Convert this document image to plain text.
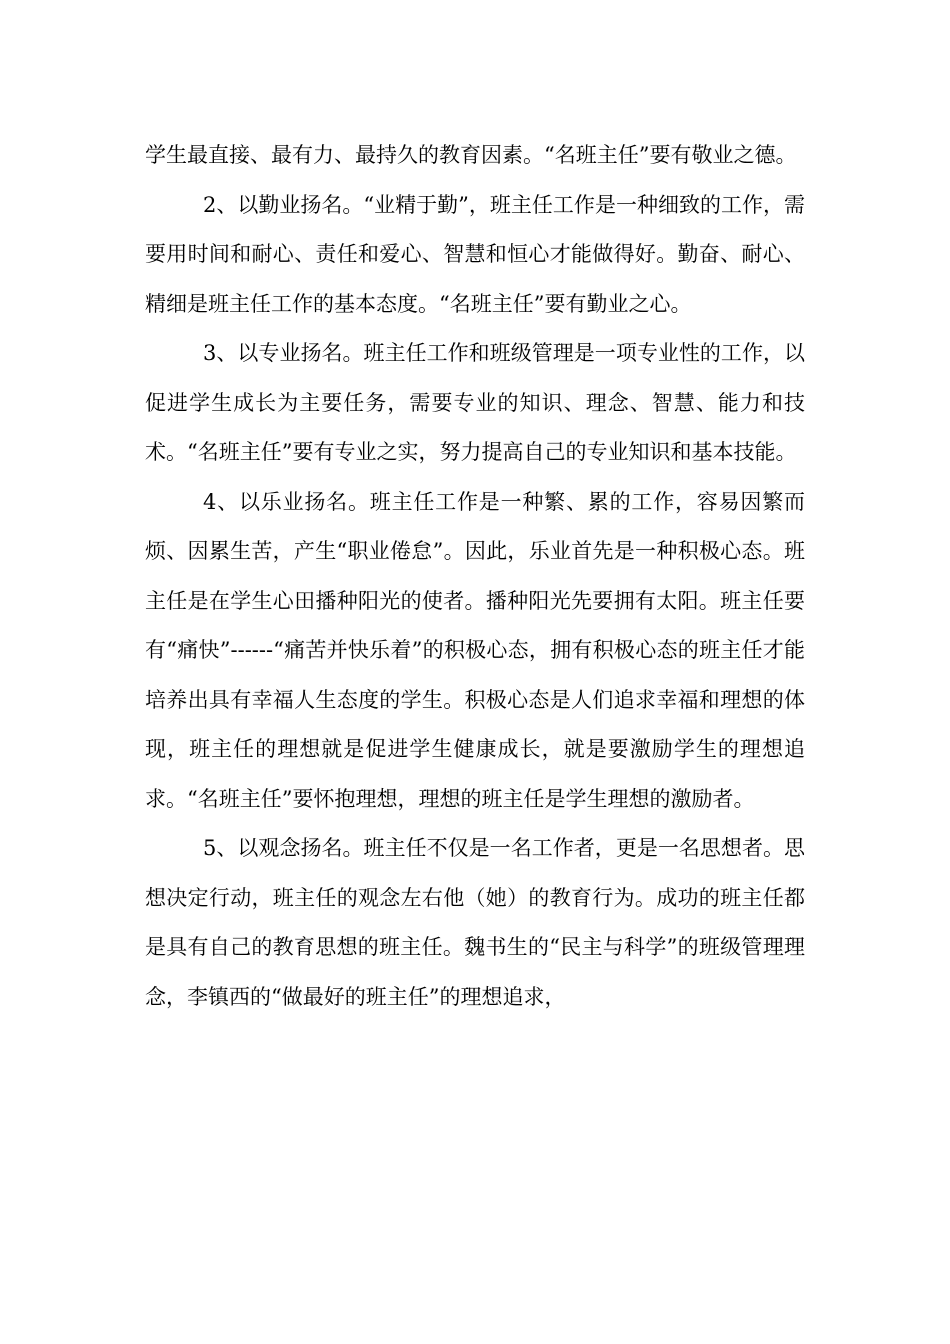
学生最直接、最有力、最持久的教育因素。“名班主任”要有敬业之德。

2、以勤业扬名。“业精于勤”，班主任工作是一种细致的工作，需要用时间和耐心、责任和爱心、智慧和恒心才能做得好。勤奋、耐心、精细是班主任工作的基本态度。“名班主任”要有勤业之心。

3、以专业扬名。班主任工作和班级管理是一项专业性的工作，以促进学生成长为主要任务，需要专业的知识、理念、智慧、能力和技术。“名班主任”要有专业之实，努力提高自己的专业知识和基本技能。

4、以乐业扬名。班主任工作是一种繁、累的工作，容易因繁而烦、因累生苦，产生“职业倦怠”。因此，乐业首先是一种积极心态。班主任是在学生心田播种阳光的使者。播种阳光先要拥有太阳。班主任要有“痛快”------“痛苦并快乐着”的积极心态，拥有积极心态的班主任才能培养出具有幸福人生态度的学生。积极心态是人们追求幸福和理想的体现，班主任的理想就是促进学生健康成长，就是要激励学生的理想追求。“名班主任”要怀抱理想，理想的班主任是学生理想的激励者。

5、以观念扬名。班主任不仅是一名工作者，更是一名思想者。思想决定行动，班主任的观念左右他（她）的教育行为。成功的班主任都是具有自己的教育思想的班主任。魏书生的“民主与科学”的班级管理理念，李镇西的“做最好的班主任”的理想追求，
